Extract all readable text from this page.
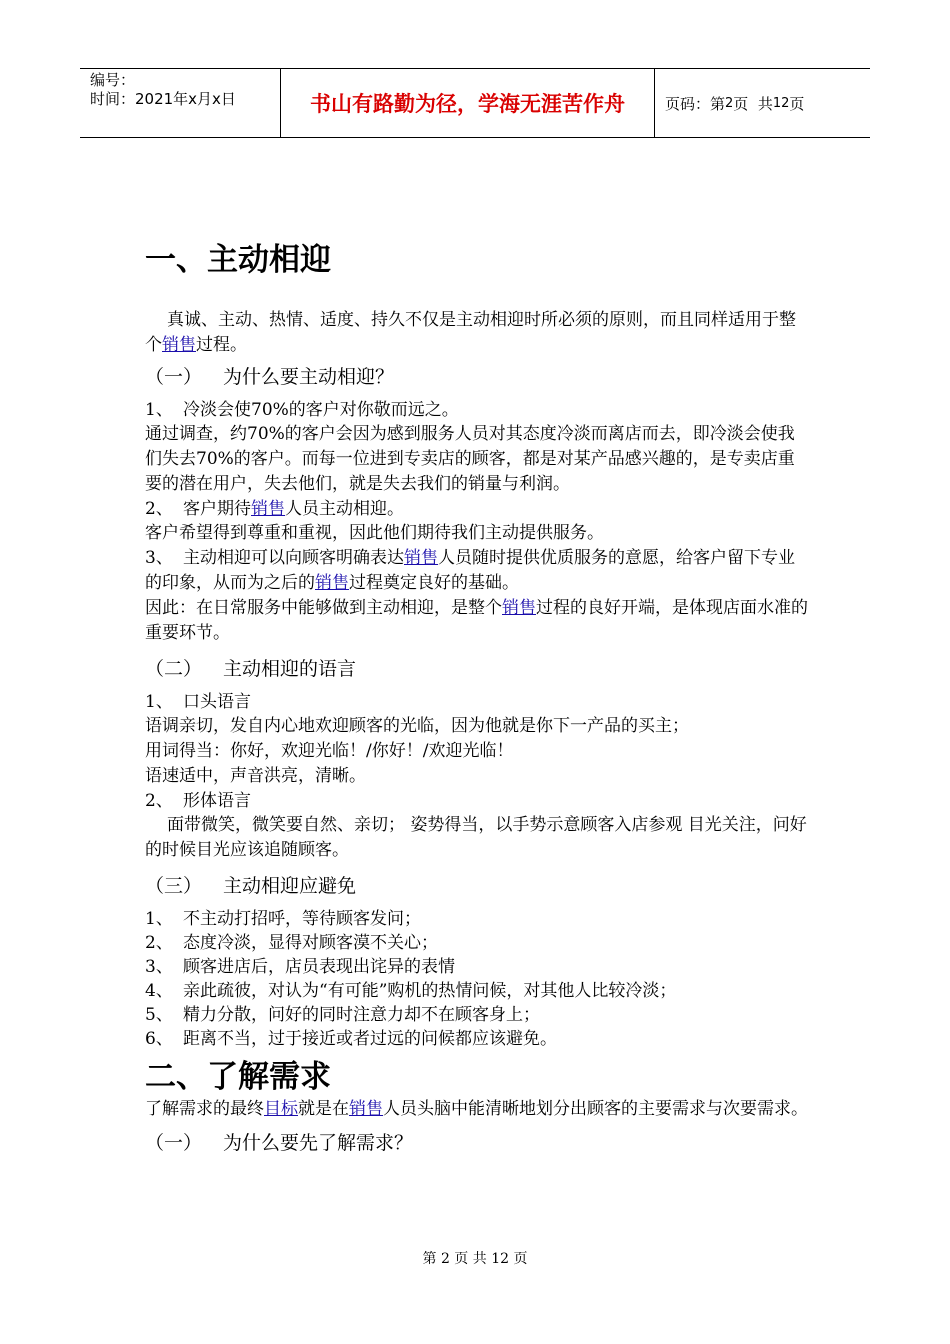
编号：
时间：2021年x月x日	书山有路勤为径，学海无涯苦作舟	页码：第 2 页  共 12 页
一、主动相迎

真诚、主动、热情、适度、持久不仅是主动相迎时所必须的原则，而且同样适用于整个销售过程。

（一） 为什么要主动相迎？
1、 冷淡会使70%的客户对你敬而远之。

通过调查，约70%的客户会因为感到服务人员对其态度冷淡而离店而去，即冷淡会使我们失去70%的客户。而每一位进到专卖店的顾客，都是对某产品感兴趣的，是专卖店重要的潜在用户，失去他们，就是失去我们的销量与利润。

2、 客户期待销售人员主动相迎。

客户希望得到尊重和重视，因此他们期待我们主动提供服务。

3、 主动相迎可以向顾客明确表达销售人员随时提供优质服务的意愿，给客户留下专业的印象，从而为之后的销售过程奠定良好的基础。

因此：在日常服务中能够做到主动相迎，是整个销售过程的良好开端，是体现店面水准的重要环节。

（二） 主动相迎的语言
1、 口头语言

语调亲切，发自内心地欢迎顾客的光临，因为他就是你下一产品的买主；

用词得当：你好，欢迎光临！/你好！/欢迎光临！

语速适中，声音洪亮，清晰。

2、 形体语言

面带微笑，微笑要自然、亲切； 姿势得当，以手势示意顾客入店参观 目光关注，问好的时候目光应该追随顾客。

（三） 主动相迎应避免
1、 不主动打招呼，等待顾客发问；
2、 态度冷淡，显得对顾客漠不关心；
3、 顾客进店后，店员表现出诧异的表情
4、 亲此疏彼，对认为“有可能”购机的热情问候，对其他人比较冷淡；
5、 精力分散，问好的同时注意力却不在顾客身上；
6、 距离不当，过于接近或者过远的问候都应该避免。
二、了解需求

了解需求的最终目标就是在销售人员头脑中能清晰地划分出顾客的主要需求与次要需求。

（一） 为什么要先了解需求？
第 2 页 共 12 页
